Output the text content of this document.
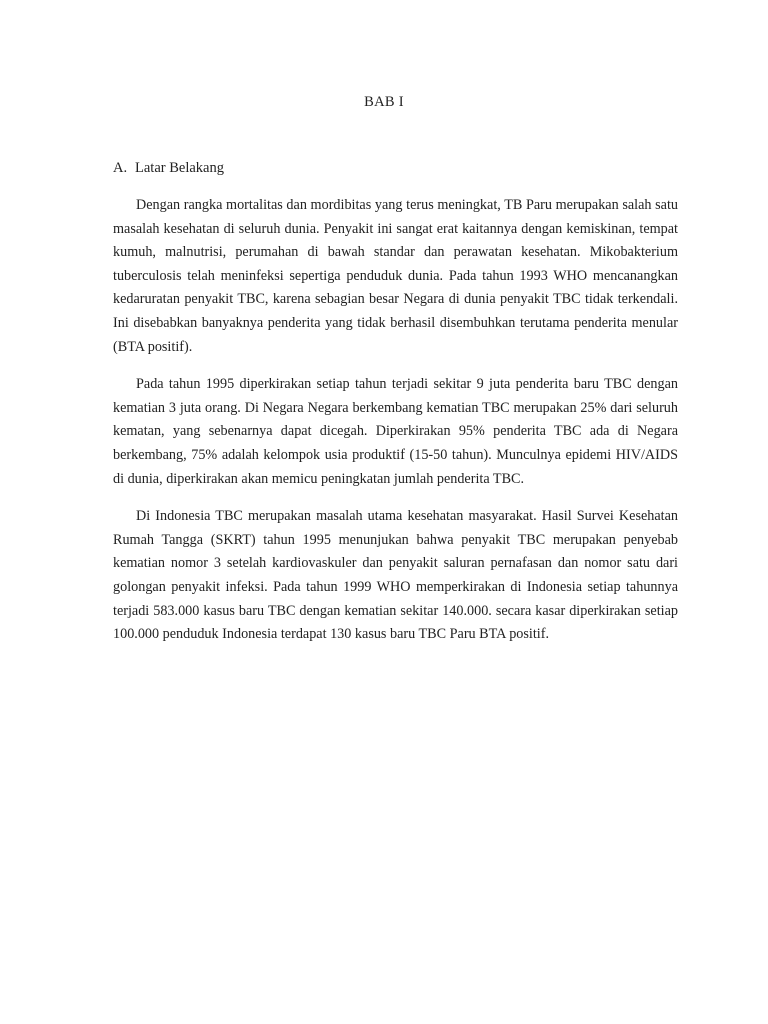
BAB I
A. Latar Belakang

Dengan rangka mortalitas dan mordibitas yang terus meningkat, TB Paru merupakan salah satu masalah kesehatan di seluruh dunia. Penyakit ini sangat erat kaitannya dengan kemiskinan, tempat kumuh, malnutrisi, perumahan di bawah standar dan perawatan kesehatan. Mikobakterium tuberculosis telah meninfeksi sepertiga penduduk dunia. Pada tahun 1993 WHO mencanangkan kedaruratan penyakit TBC, karena sebagian besar Negara di dunia penyakit TBC tidak terkendali. Ini disebabkan banyaknya penderita yang tidak berhasil disembuhkan terutama penderita menular (BTA positif).

Pada tahun 1995 diperkirakan setiap tahun terjadi sekitar 9 juta penderita baru TBC dengan kematian 3 juta orang. Di Negara Negara berkembang kematian TBC merupakan 25% dari seluruh kematan, yang sebenarnya dapat dicegah. Diperkirakan 95% penderita TBC ada di Negara berkembang, 75% adalah kelompok usia produktif (15-50 tahun). Munculnya epidemi HIV/AIDS di dunia, diperkirakan akan memicu peningkatan jumlah penderita TBC.

Di Indonesia TBC merupakan masalah utama kesehatan masyarakat. Hasil Survei Kesehatan Rumah Tangga (SKRT) tahun 1995 menunjukan bahwa penyakit TBC merupakan penyebab kematian nomor 3 setelah kardiovaskuler dan penyakit saluran pernafasan dan nomor satu dari golongan penyakit infeksi. Pada tahun 1999 WHO memperkirakan di Indonesia setiap tahunnya terjadi 583.000 kasus baru TBC dengan kematian sekitar 140.000. secara kasar diperkirakan setiap 100.000 penduduk Indonesia terdapat 130 kasus baru TBC Paru BTA positif.
